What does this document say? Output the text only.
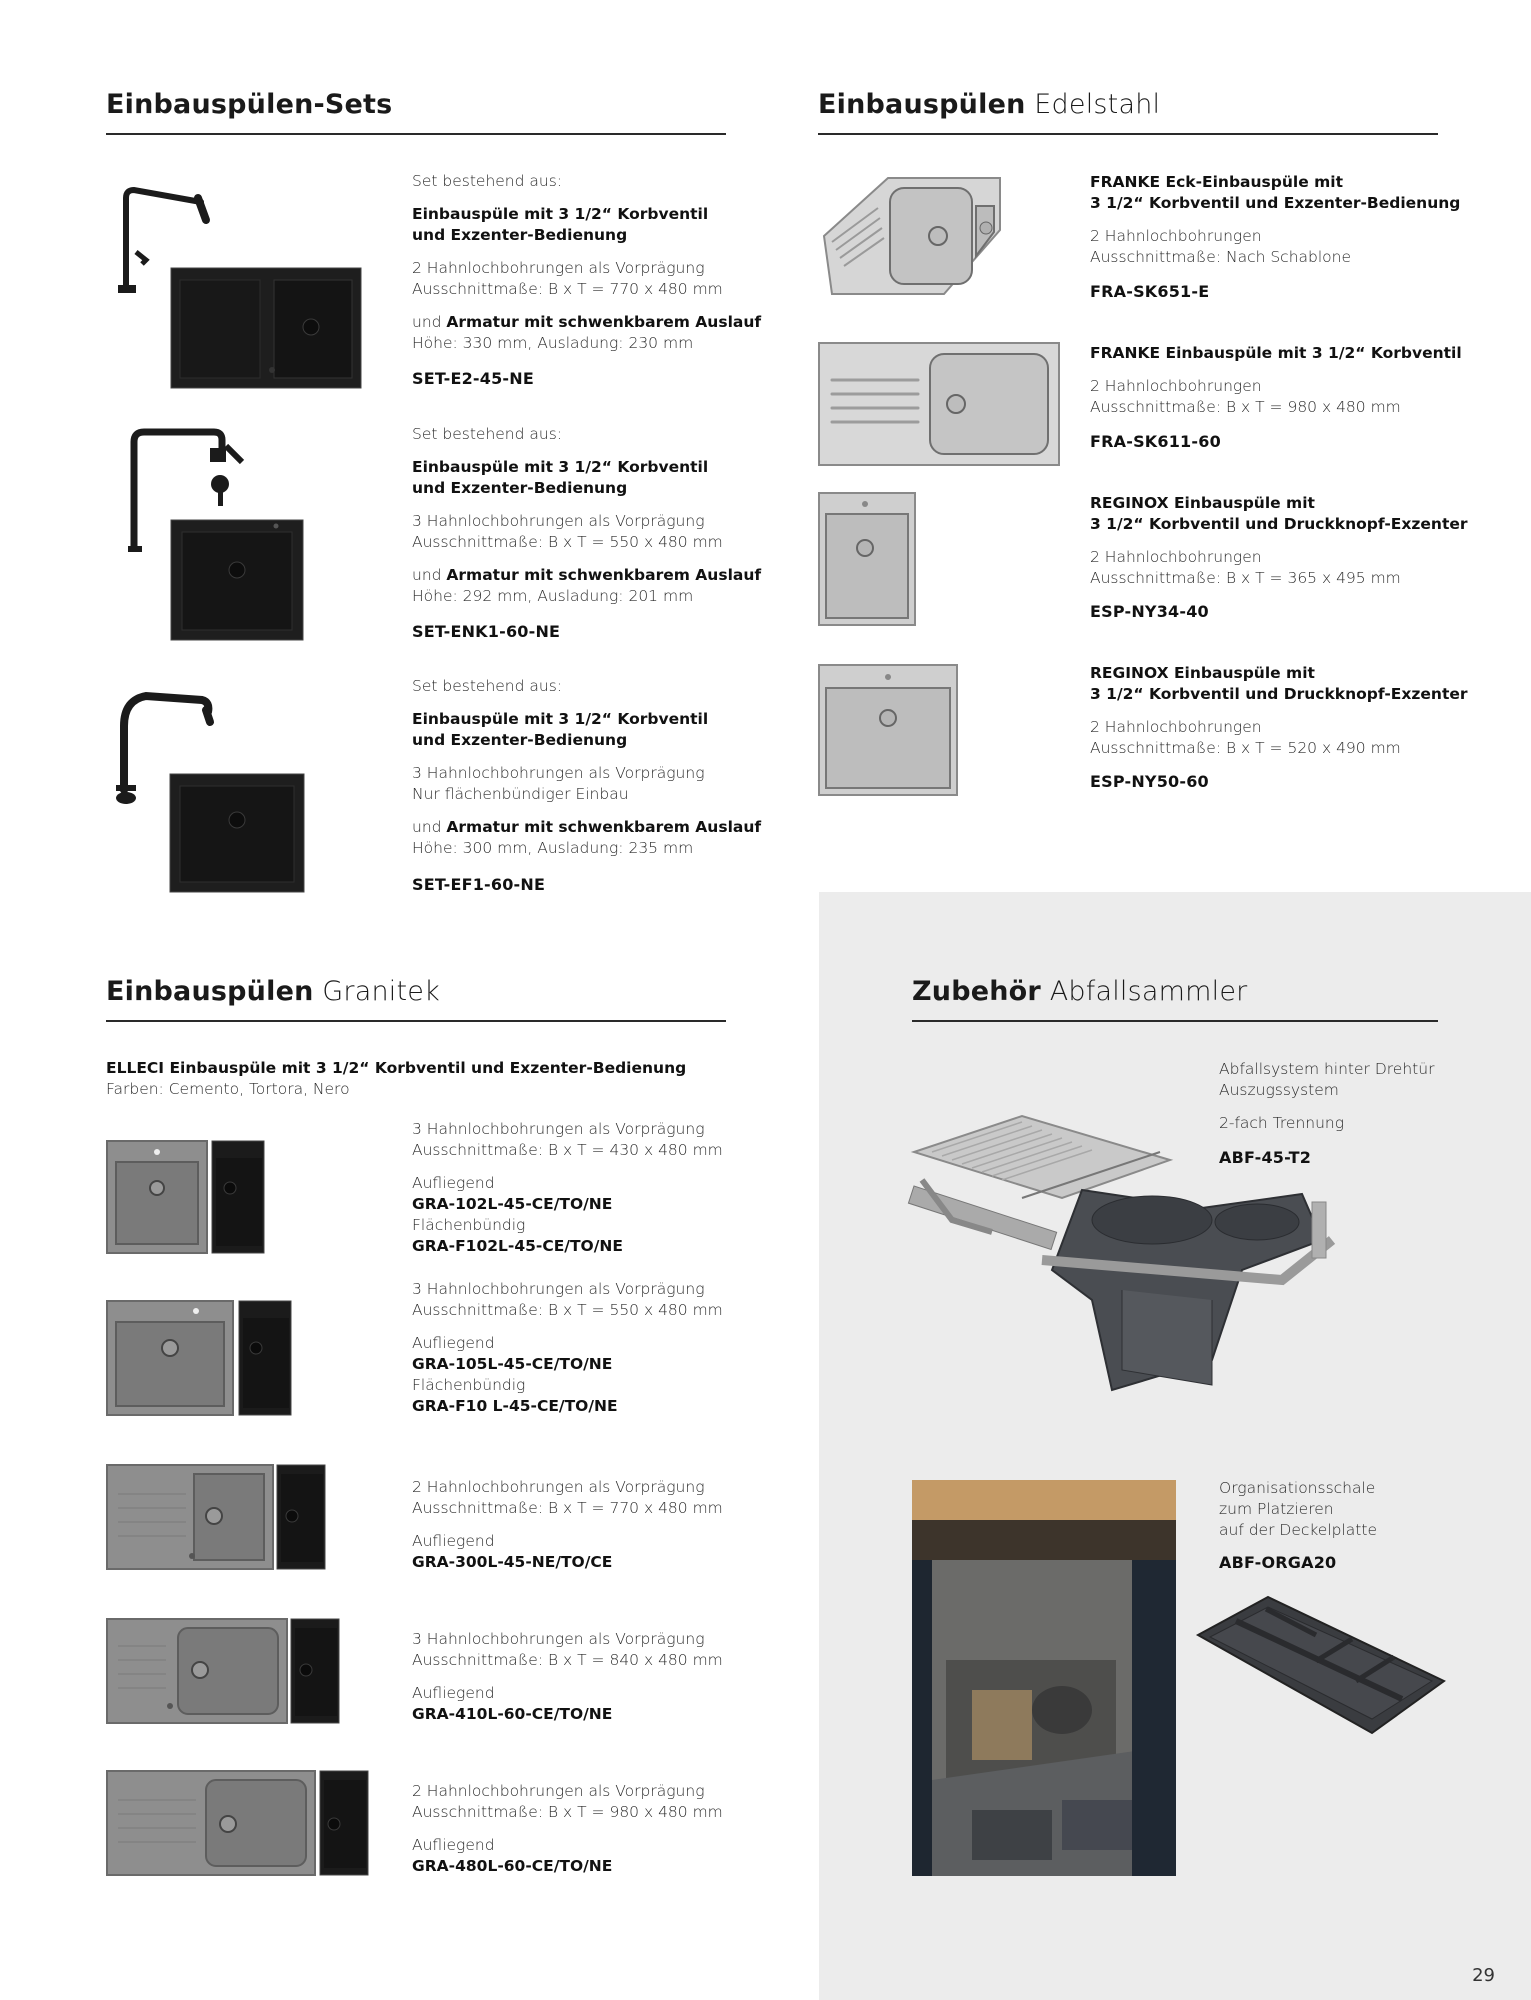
Einbauspülen-Sets
Set bestehend aus:
Einbauspüle mit 3 1/2“ Korbventil
und Exzenter-Bedienung
2 Hahnlochbohrungen als Vorprägung
Ausschnittmaße: B x T = 770 x 480 mm
und Armatur mit schwenkbarem Auslauf
Höhe: 330 mm, Ausladung: 230 mm
SET-E2-45-NE
Set bestehend aus:
Einbauspüle mit 3 1/2“ Korbventil
und Exzenter-Bedienung
3 Hahnlochbohrungen als Vorprägung
Ausschnittmaße: B x T = 550 x 480 mm
und Armatur mit schwenkbarem Auslauf
Höhe: 292 mm, Ausladung: 201 mm
SET-ENK1-60-NE
Set bestehend aus:
Einbauspüle mit 3 1/2“ Korbventil
und Exzenter-Bedienung
3 Hahnlochbohrungen als Vorprägung
Nur flächenbündiger Einbau
und Armatur mit schwenkbarem Auslauf
Höhe: 300 mm, Ausladung: 235 mm
SET-EF1-60-NE
Einbauspülen Edelstahl
FRANKE Eck-Einbauspüle mit
3 1/2“ Korbventil und Exzenter-Bedienung
2 Hahnlochbohrungen
Ausschnittmaße: Nach Schablone
FRA-SK651-E
FRANKE Einbauspüle mit 3 1/2“ Korbventil
2 Hahnlochbohrungen
Ausschnittmaße: B x T = 980 x 480 mm
FRA-SK611-60
REGINOX Einbauspüle mit
3 1/2“ Korbventil und Druckknopf-Exzenter
2 Hahnlochbohrungen
Ausschnittmaße: B x T = 365 x 495 mm
ESP-NY34-40
REGINOX Einbauspüle mit
3 1/2“ Korbventil und Druckknopf-Exzenter
2 Hahnlochbohrungen
Ausschnittmaße: B x T = 520 x 490 mm
ESP-NY50-60
Einbauspülen Granitek
ELLECI Einbauspüle mit 3 1/2“ Korbventil und Exzenter-Bedienung
Farben: Cemento, Tortora, Nero
3 Hahnlochbohrungen als Vorprägung
Ausschnittmaße: B x T = 430 x 480 mm
Aufliegend
GRA-102L-45-CE/TO/NE
Flächenbündig
GRA-F102L-45-CE/TO/NE
3 Hahnlochbohrungen als Vorprägung
Ausschnittmaße: B x T = 550 x 480 mm
Aufliegend
GRA-105L-45-CE/TO/NE
Flächenbündig
GRA-F10 L-45-CE/TO/NE
2 Hahnlochbohrungen als Vorprägung
Ausschnittmaße: B x T = 770 x 480 mm
Aufliegend
GRA-300L-45-NE/TO/CE
3 Hahnlochbohrungen als Vorprägung
Ausschnittmaße: B x T = 840 x 480 mm
Aufliegend
GRA-410L-60-CE/TO/NE
2 Hahnlochbohrungen als Vorprägung
Ausschnittmaße: B x T = 980 x 480 mm
Aufliegend
GRA-480L-60-CE/TO/NE
Zubehör Abfallsammler
Abfallsystem hinter Drehtür
Auszugssystem
2-fach Trennung
ABF-45-T2
Organisationsschale
zum Platzieren
auf der Deckelplatte
ABF-ORGA20
29
